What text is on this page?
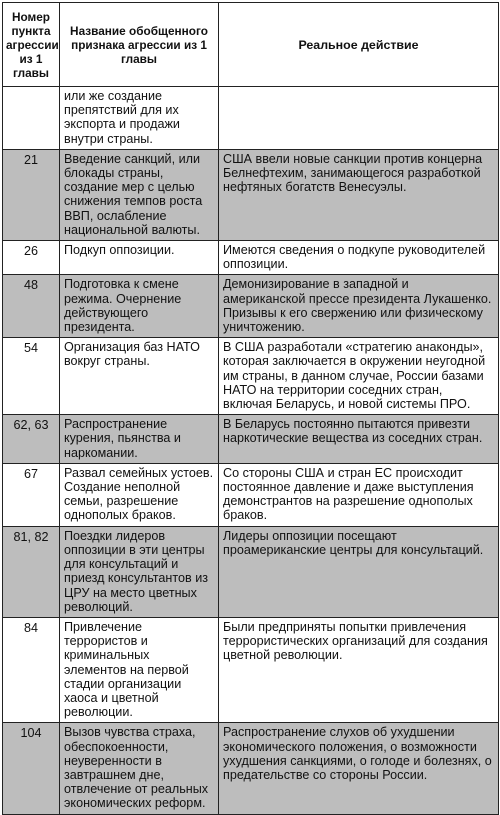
Номер пункта агрессии из 1 главы	Название обобщенного признака агрессии из 1 главы	Реальное действие
	или же создание препятствий для их экспорта и продажи внутри страны.	
21	Введение санкций, или блокады страны, создание мер с целью снижения темпов роста ВВП, ослабление национальной валюты.	США ввели новые санкции против концерна Белнефтехим, занимающегося разработкой нефтяных богатств Венесуэлы.
26	Подкуп оппозиции.	Имеются сведения о подкупе руководителей оппозиции.
48	Подготовка к смене режима. Очернение действующего президента.	Демонизирование в западной и американской прессе президента Лукашенко. Призывы к его свержению или физическому уничтожению.
54	Организация баз НАТО вокруг страны.	В США разработали «стратегию анаконды», которая заключается в окружении неугодной им страны, в данном случае, России базами НАТО на территории соседних стран, включая Беларусь, и новой системы ПРО.
62, 63	Распространение курения, пьянства и наркомании.	В Беларусь постоянно пытаются привезти наркотические вещества из соседних стран.
67	Развал семейных устоев. Создание неполной семьи, разрешение однополых браков.	Со стороны США и стран ЕС происходит постоянное давление и даже выступления демонстрантов на разрешение однополых браков.
81, 82	Поездки лидеров оппозиции в эти центры для консультаций и приезд консультантов из ЦРУ на место цветных революций.	Лидеры оппозиции посещают проамериканские центры для консультаций.
84	Привлечение террористов и криминальных элементов на первой стадии организации хаоса и цветной революции.	Были предприняты попытки привлечения террористических организаций для создания цветной революции.
104	Вызов чувства страха, обеспокоенности, неуверенности в завтрашнем дне, отвлечение от реальных экономических реформ.	Распространение слухов об ухудшении экономического положения, о возможности ухудшения санкциями, о голоде и болезнях, о предательстве со стороны России.
